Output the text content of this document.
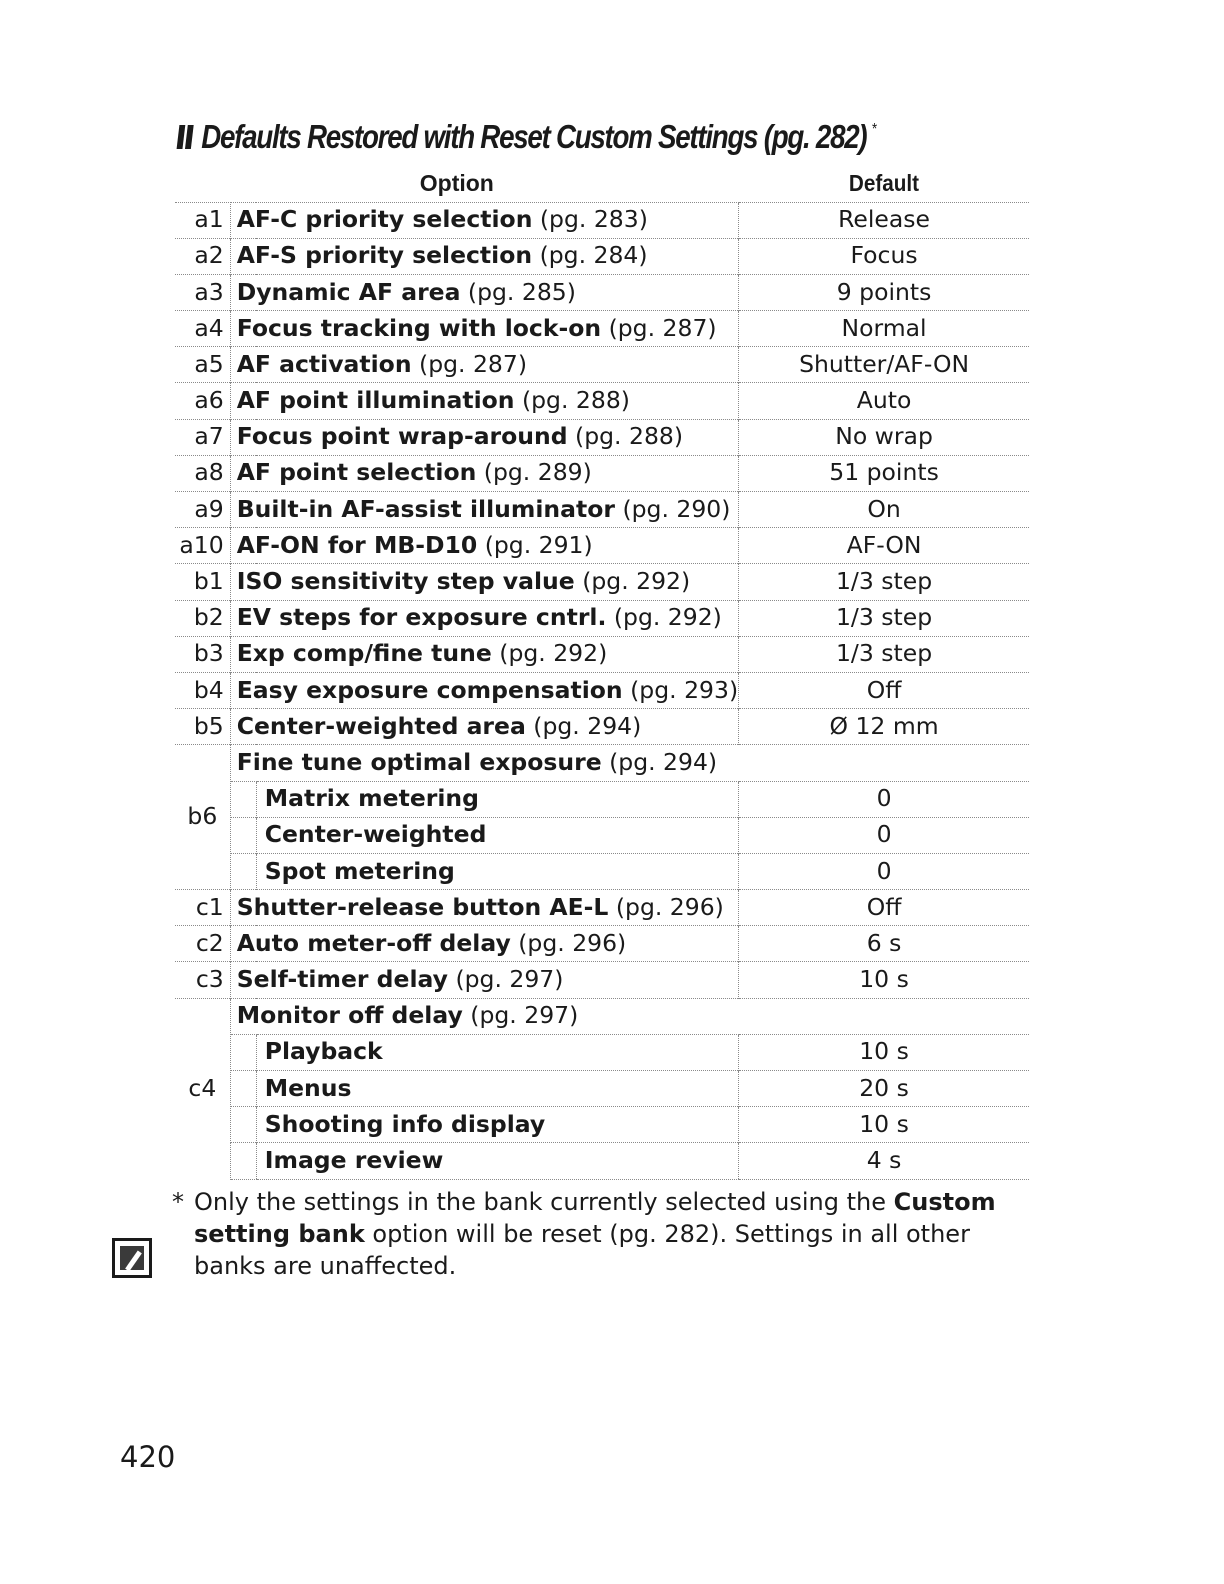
Defaults Restored with Reset Custom Settings (pg. 282) *
Option			Default
a1	AF-C priority selection (pg. 283)		Release
a2	AF-S priority selection (pg. 284)		Focus
a3	Dynamic AF area (pg. 285)		9 points
a4	Focus tracking with lock-on (pg. 287)		Normal
a5	AF activation (pg. 287)		Shutter/AF-ON
a6	AF point illumination (pg. 288)		Auto
a7	Focus point wrap-around (pg. 288)		No wrap
a8	AF point selection (pg. 289)		51 points
a9	Built-in AF-assist illuminator (pg. 290)		On
a10	AF-ON for MB-D10 (pg. 291)		AF-ON
b1	ISO sensitivity step value (pg. 292)		1/3 step
b2	EV steps for exposure cntrl. (pg. 292)		1/3 step
b3	Exp comp/fine tune (pg. 292)		1/3 step
b4	Easy exposure compensation (pg. 293)		Off
b5	Center-weighted area (pg. 294)		Ø 12 mm
b6	Fine tune optimal exposure (pg. 294)		
		Matrix metering	0
		Center-weighted	0
		Spot metering	0
c1	Shutter-release button AE-L (pg. 296)		Off
c2	Auto meter-off delay (pg. 296)		6 s
c3	Self-timer delay (pg. 297)		10 s
c4	Monitor off delay (pg. 297)		
		Playback	10 s
		Menus	20 s
		Shooting info display	10 s
		Image review	4 s
* Only the settings in the bank currently selected using the Custom setting bank option will be reset (pg. 282). Settings in all other banks are unaffected.
420
